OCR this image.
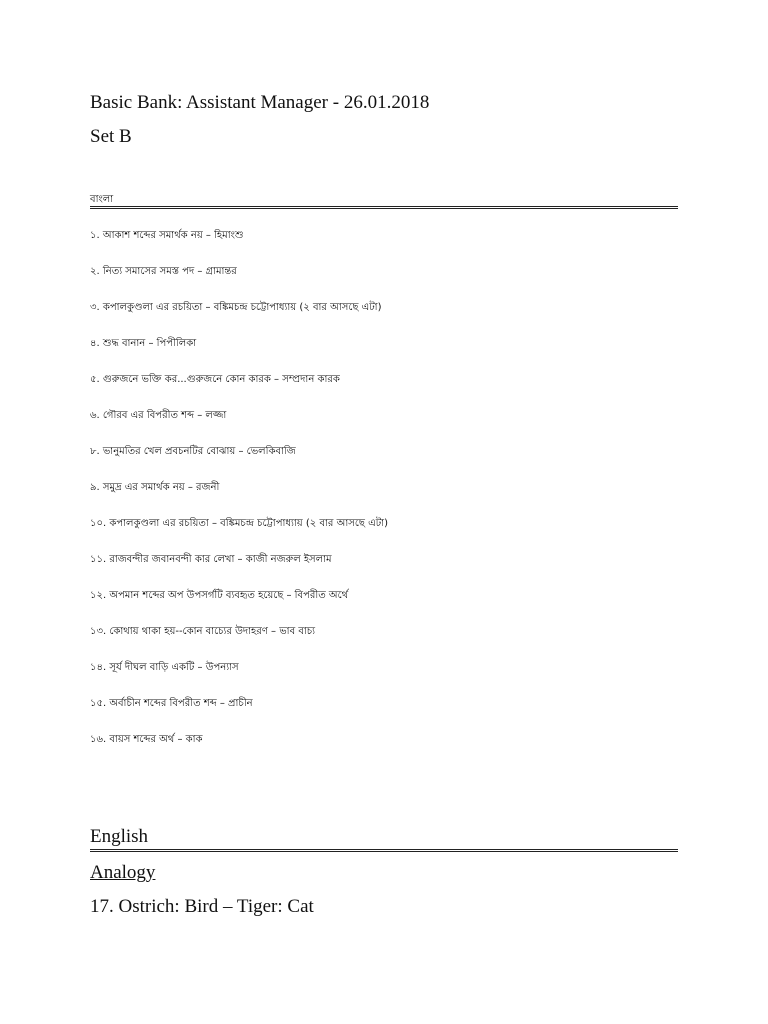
Basic Bank: Assistant Manager - 26.01.2018
Set B
বাংলা
১. আকাশ শব্দের সমার্থক নয় – হিমাংশু
২. নিত্য সমাসের সমস্ত পদ – গ্রামান্তর
৩. কপালকুণ্ডলা এর রচয়িতা – বঙ্কিমচন্দ্র চট্টোপাধ্যায় (২ বার আসছে এটা)
৪. শুদ্ধ বানান – পিপীলিকা
৫. গুরুজনে ভক্তি কর...গুরুজনে কোন কারক – সম্প্রদান কারক
৬. গৌরব এর বিপরীত শব্দ – লজ্জা
৮. ভানুমতির খেল প্রবচনটির বোঝায় – ভেলকিবাজি
৯. সমুদ্র এর সমার্থক নয় – রজনী
১০. কপালকুণ্ডলা এর রচয়িতা – বঙ্কিমচন্দ্র চট্টোপাধ্যায় (২ বার আসছে এটা)
১১. রাজবন্দীর জবানবন্দী কার লেখা – কাজী নজরুল ইসলাম
১২. অপমান শব্দের অপ উপসর্গটি ব্যবহৃত হয়েছে – বিপরীত অর্থে
১৩. কোথায় থাকা হয়--কোন বাচ্যের উদাহরণ – ভাব বাচ্য
১৪. সূর্য দীঘল বাড়ি একটি – উপন্যাস
১৫. অর্বাচীন শব্দের বিপরীত শব্দ – প্রাচীন
১৬. বায়স শব্দের অর্থ – কাক
English
Analogy
17. Ostrich: Bird – Tiger: Cat
